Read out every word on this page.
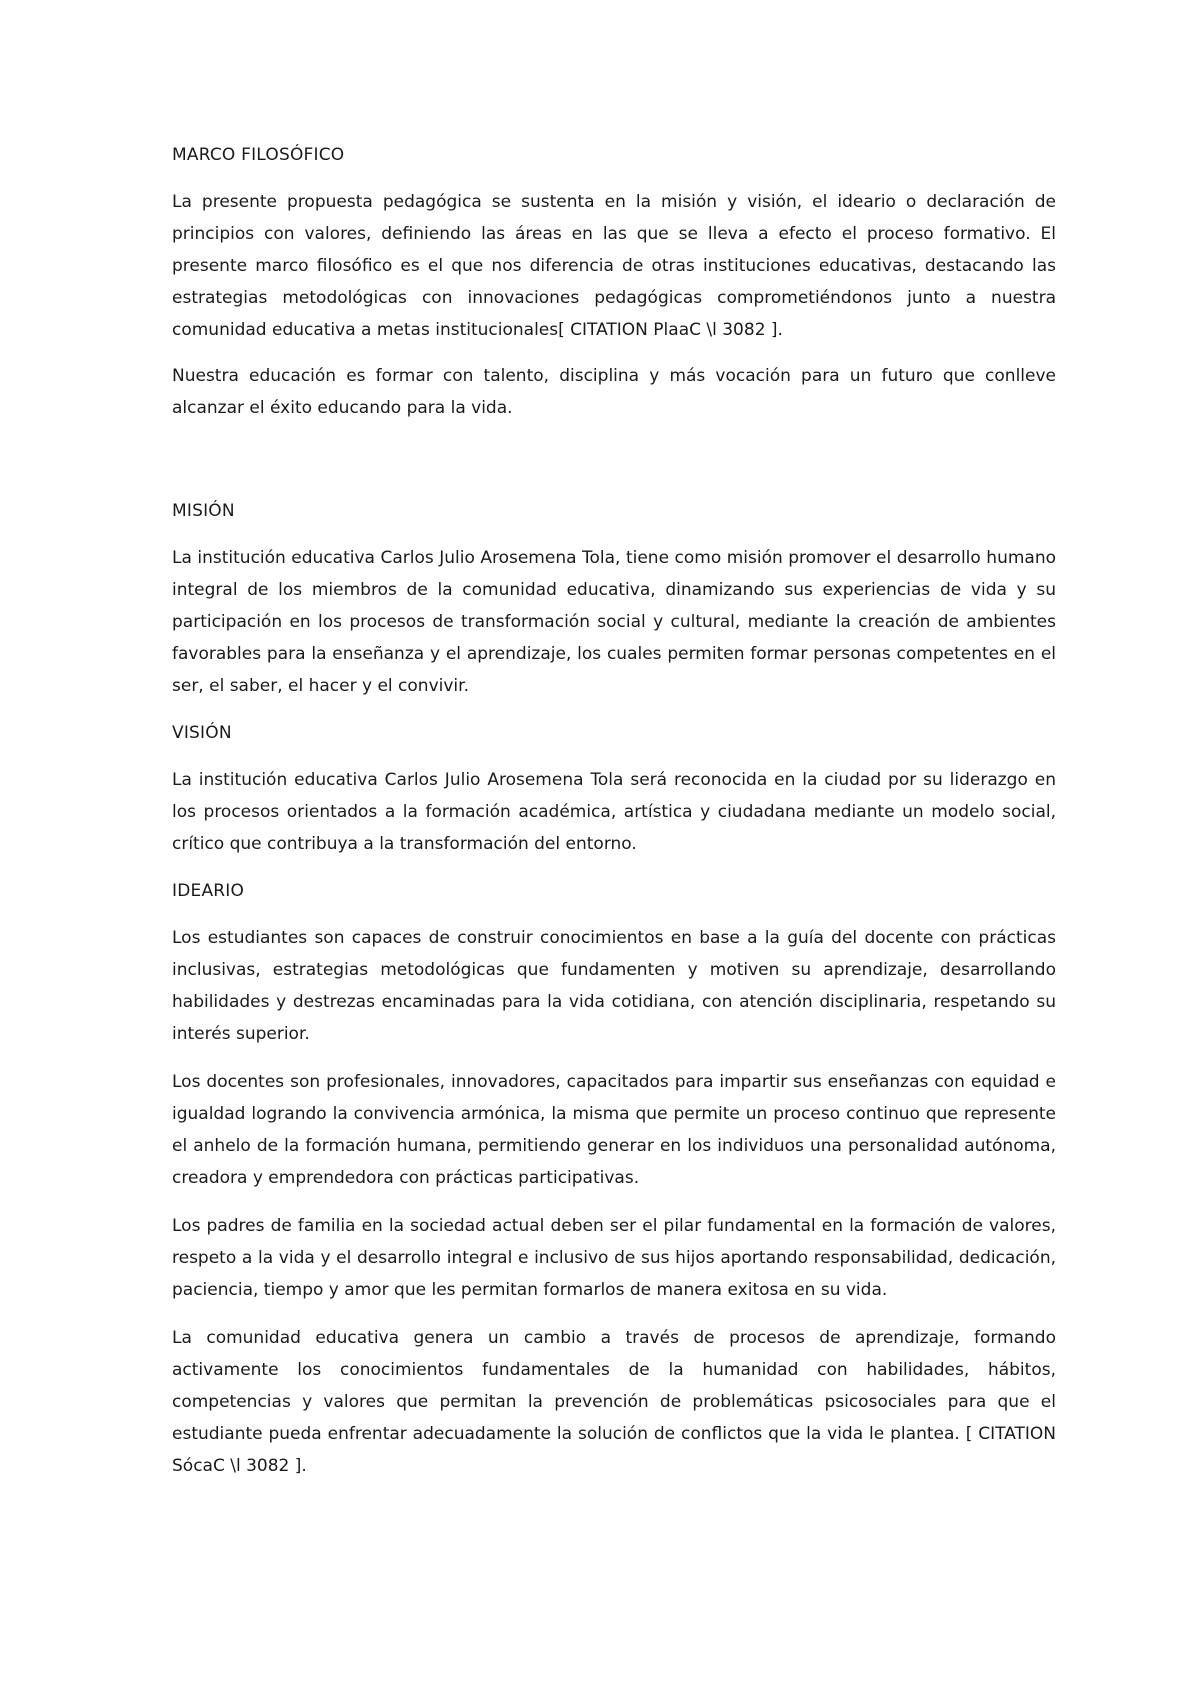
MARCO FILOSÓFICO

La presente propuesta pedagógica se sustenta en la misión y visión, el ideario o declaración de principios con valores, definiendo las áreas en las que se lleva a efecto el proceso formativo. El presente marco filosófico es el que nos diferencia de otras instituciones educativas, destacando las estrategias metodológicas con innovaciones pedagógicas comprometiéndonos junto a nuestra comunidad educativa a metas institucionales[ CITATION PlaaC \l 3082 ].

Nuestra educación es formar con talento, disciplina y más vocación para un futuro que conlleve alcanzar el éxito educando para la vida.

MISIÓN

La institución educativa Carlos Julio Arosemena Tola, tiene como misión promover el desarrollo humano integral de los miembros de la comunidad educativa, dinamizando sus experiencias de vida y su participación en los procesos de transformación social y cultural, mediante la creación de ambientes favorables para la enseñanza y el aprendizaje, los cuales permiten formar personas competentes en el ser, el saber, el hacer y el convivir.

VISIÓN

La institución educativa Carlos Julio Arosemena Tola será reconocida en la ciudad por su liderazgo en los procesos orientados a la formación académica, artística y ciudadana mediante un modelo social, crítico que contribuya a la transformación del entorno.

IDEARIO

Los estudiantes son capaces de construir conocimientos en base a la guía del docente con prácticas inclusivas, estrategias metodológicas que fundamenten y motiven su aprendizaje, desarrollando habilidades y destrezas encaminadas para la vida cotidiana, con atención disciplinaria, respetando su interés superior.

Los docentes son profesionales, innovadores, capacitados para impartir sus enseñanzas con equidad e igualdad logrando la convivencia armónica, la misma que permite un proceso continuo que represente el anhelo de la formación humana, permitiendo generar en los individuos una personalidad autónoma, creadora y emprendedora con prácticas participativas.

Los padres de familia en la sociedad actual deben ser el pilar fundamental en la formación de valores, respeto a la vida y el desarrollo integral e inclusivo de sus hijos aportando responsabilidad, dedicación, paciencia, tiempo y amor que les permitan formarlos de manera exitosa en su vida.

La comunidad educativa genera un cambio a través de procesos de aprendizaje, formando activamente los conocimientos fundamentales de la humanidad con habilidades, hábitos, competencias y valores que permitan la prevención de problemáticas psicosociales para que el estudiante pueda enfrentar adecuadamente la solución de conflictos que la vida le plantea. [ CITATION SócaC \l 3082 ].
